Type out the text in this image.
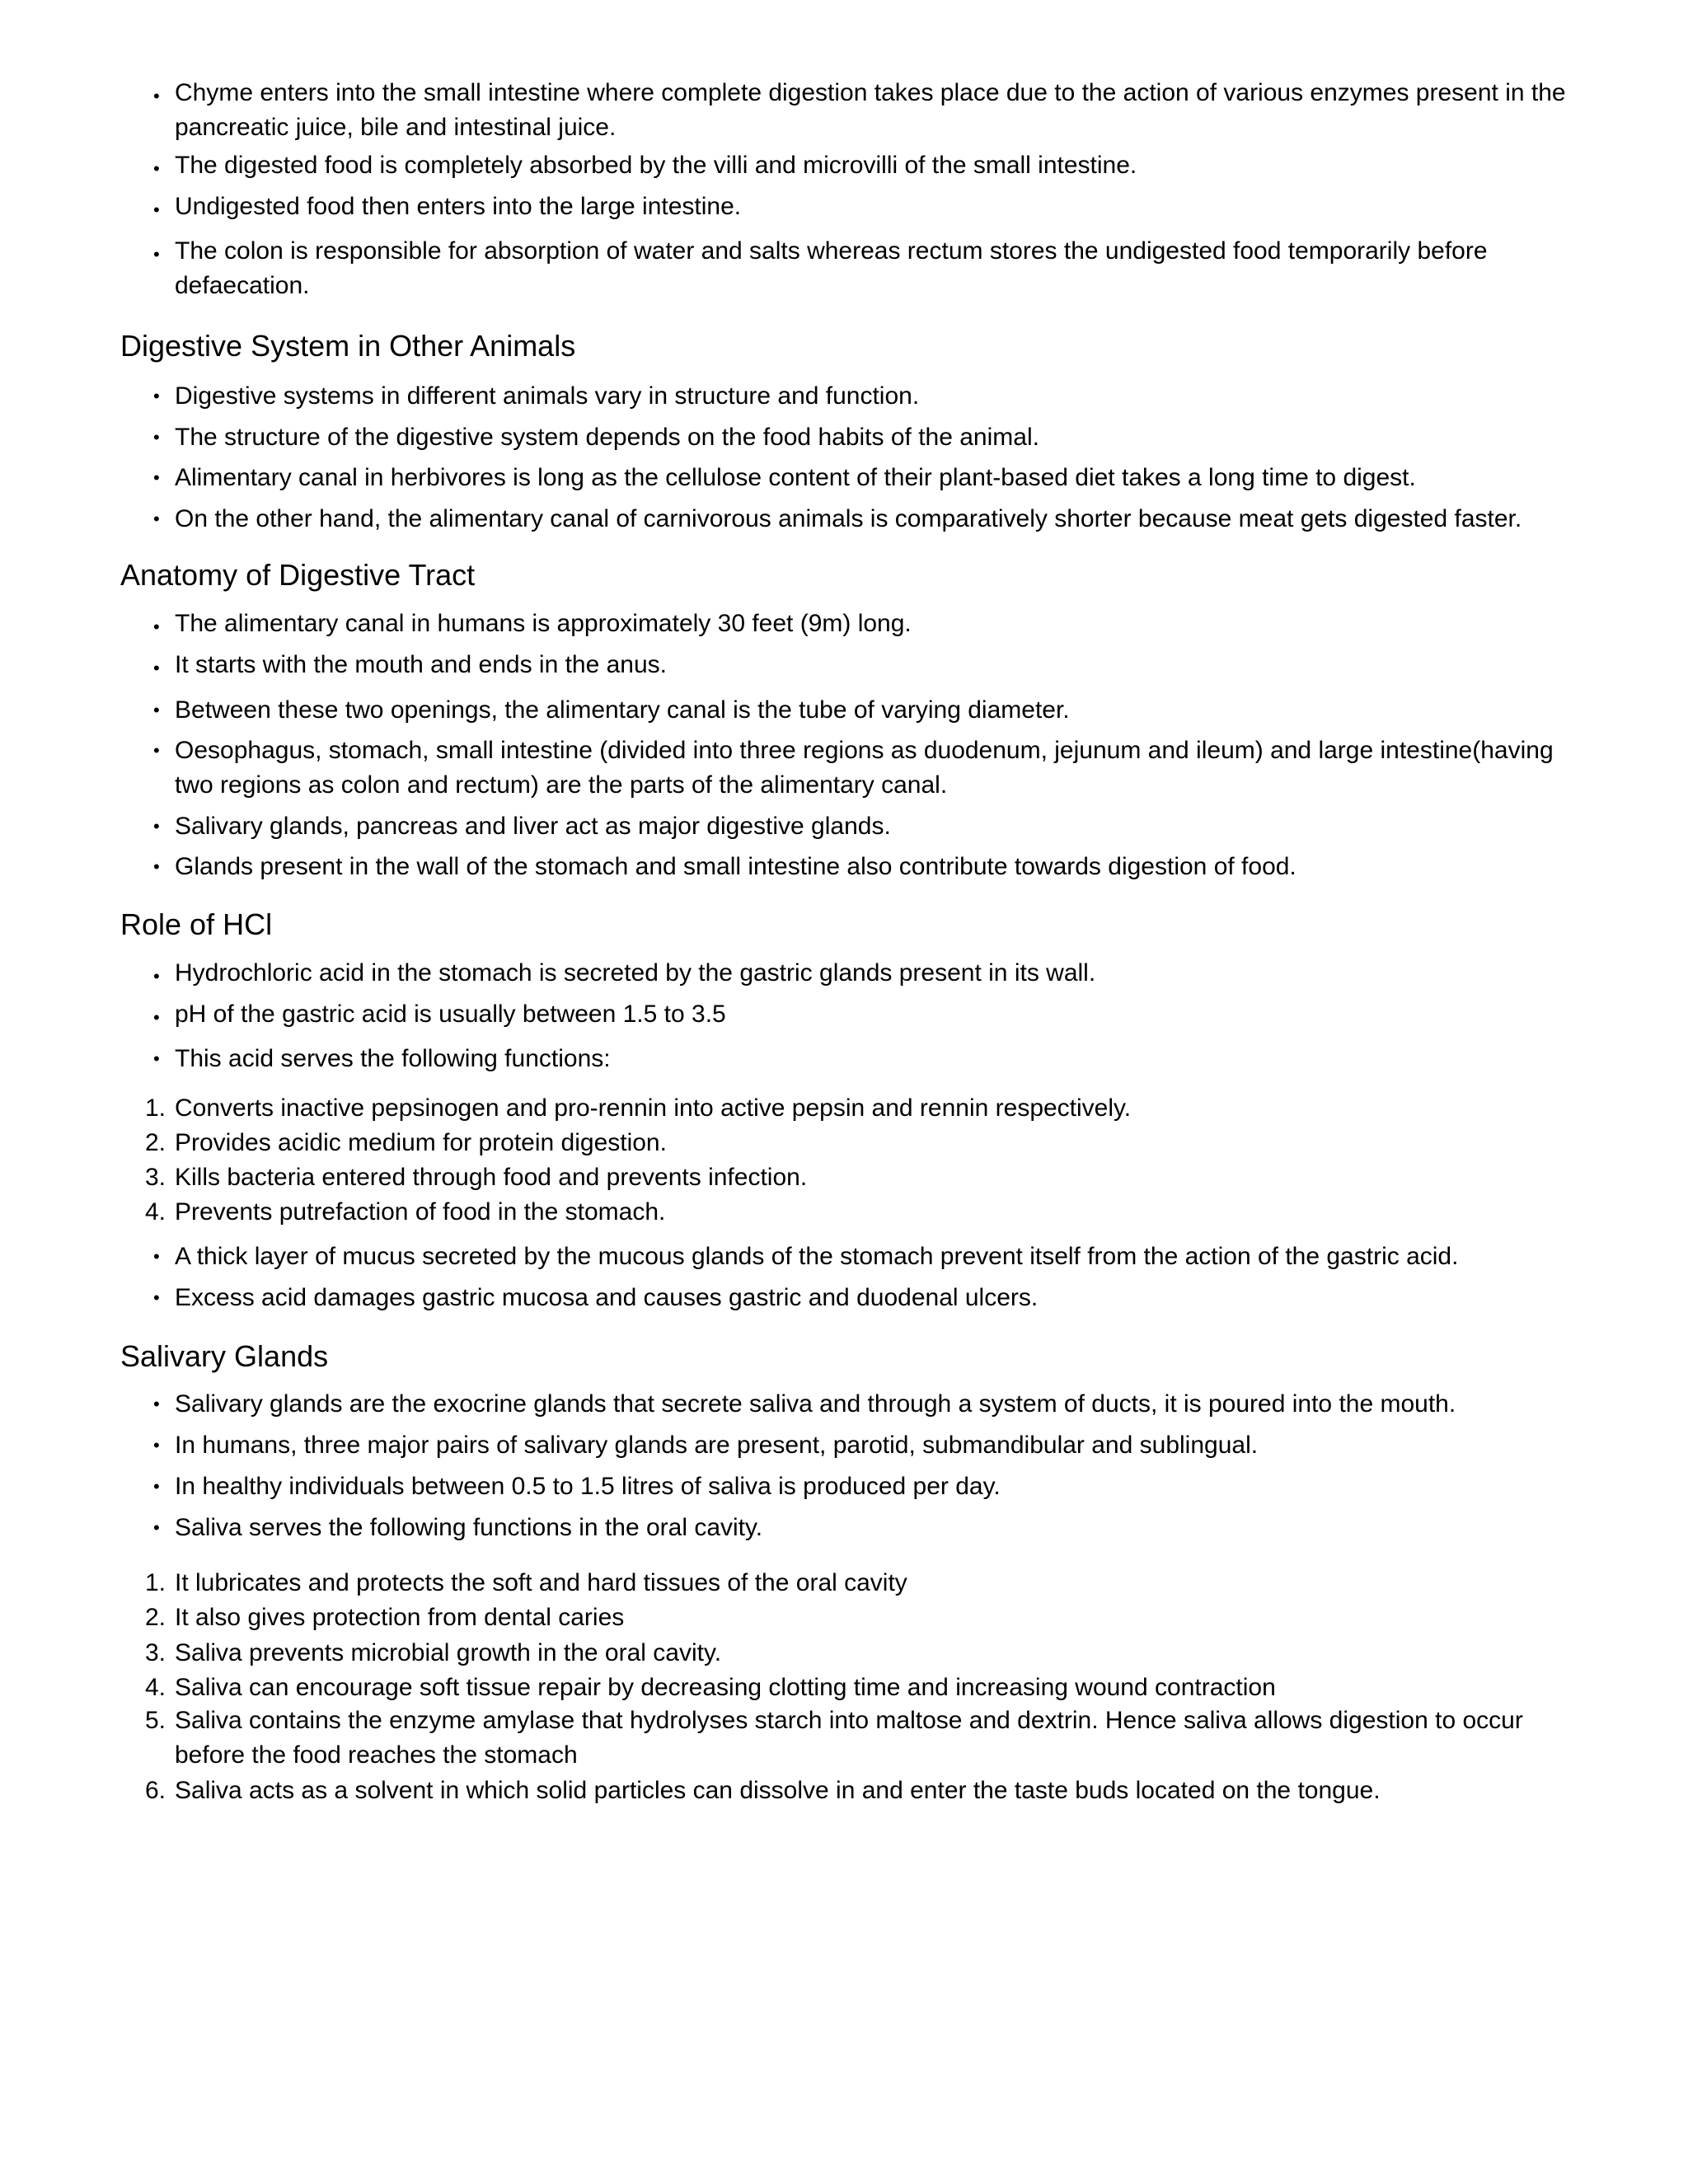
• Chyme enters into the small intestine where complete digestion takes place due to the action of various enzymes present in the pancreatic juice, bile and intestinal juice.
• The digested food is completely absorbed by the villi and microvilli of the small intestine.
• Undigested food then enters into the large intestine.
• The colon is responsible for absorption of water and salts whereas rectum stores the undigested food temporarily before defaecation.
Digestive System in Other Animals
• Digestive systems in different animals vary in structure and function.
• The structure of the digestive system depends on the food habits of the animal.
• Alimentary canal in herbivores is long as the cellulose content of their plant-based diet takes a long time to digest.
• On the other hand, the alimentary canal of carnivorous animals is comparatively shorter because meat gets digested faster.
Anatomy of Digestive Tract
• The alimentary canal in humans is approximately 30 feet (9m) long.
• It starts with the mouth and ends in the anus.
• Between these two openings, the alimentary canal is the tube of varying diameter.
• Oesophagus, stomach, small intestine (divided into three regions as duodenum, jejunum and ileum) and large intestine(having two regions as colon and rectum) are the parts of the alimentary canal.
• Salivary glands, pancreas and liver act as major digestive glands.
• Glands present in the wall of the stomach and small intestine also contribute towards digestion of food.
Role of HCl
• Hydrochloric acid in the stomach is secreted by the gastric glands present in its wall.
• pH of the gastric acid is usually between 1.5 to 3.5
• This acid serves the following functions:
1. Converts inactive pepsinogen and pro-rennin into active pepsin and rennin respectively.
2. Provides acidic medium for protein digestion.
3. Kills bacteria entered through food and prevents infection.
4. Prevents putrefaction of food in the stomach.
• A thick layer of mucus secreted by the mucous glands of the stomach prevent itself from the action of the gastric acid.
• Excess acid damages gastric mucosa and causes gastric and duodenal ulcers.
Salivary Glands
• Salivary glands are the exocrine glands that secrete saliva and through a system of ducts, it is poured into the mouth.
• In humans, three major pairs of salivary glands are present, parotid, submandibular and sublingual.
• In healthy individuals between 0.5 to 1.5 litres of saliva is produced per day.
• Saliva serves the following functions in the oral cavity.
1. It lubricates and protects the soft and hard tissues of the oral cavity
2. It also gives protection from dental caries
3. Saliva prevents microbial growth in the oral cavity.
4. Saliva can encourage soft tissue repair by decreasing clotting time and increasing wound contraction
5. Saliva contains the enzyme amylase that hydrolyses starch into maltose and dextrin. Hence saliva allows digestion to occur before the food reaches the stomach
6. Saliva acts as a solvent in which solid particles can dissolve in and enter the taste buds located on the tongue.
